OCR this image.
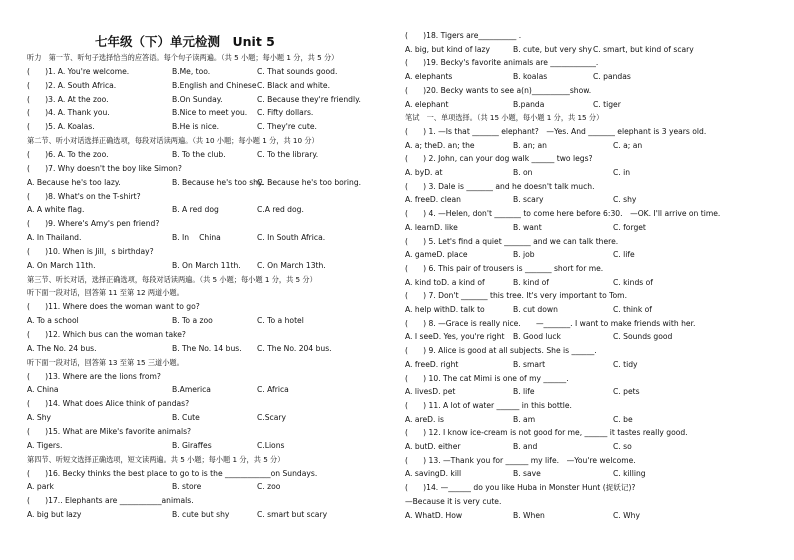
七年级（下）单元检测　Unit 5
听力　第一节、听句子选择恰当的应答语。每个句子读两遍。（共 5 小题；每小题 1 分，共 5 分）
(　　)1. A. You're welcome.	B.Me, too.	C. That sounds good.
(　　)2. A. South Africa.	B.English and Chinese C. Black and white.
(　　)3. A. At the zoo.	B.On Sunday.	C. Because they're friendly.
(　　)4. A. Thank you.	B.Nice to meet you. C. Fifty dollars.
(　　)5. A. Koalas.	B.He is nice.	C. They're cute.
第二节、听小对话选择正确选项，每段对话读两遍。（共 10 小题；每小题 1 分，共 10 分）
(　　)6. A. To the zoo.	B. To the club.	C. To the library.
(　　)7. Why doesn't the boy like Simon?
A. Because he's too lazy.	B. Because he's too shy.
C. Because he's too boring.
(　　)8. What's on the T-shirt?
A. A white flag.	B. A red dog	C.A red dog.
(　　)9. Where's Amy's pen friend?
A. In Thailand.	B. In　 China	C. In South Africa.
(　　)10. When is Jill，s birthday?
A. On March 11th.	B. On March 11th. C. On March 13th.
第三节、听长对话，选择正确选项，每段对话读两遍。（共 5 小题；每小题 1 分，共 5 分）
听下面一段对话，回答第 11 至第 12 两道小题。
(　　)11. Where does the woman want to go?
A. To a school	B. To a zoo	C. To a hotel
(　　)12. Which bus can the woman take?
A. The No. 24 bus.	B. The No. 14 bus. C. The No. 204 bus.
听下面一段对话，回答第 13 至第 15 三道小题。
(　　)13. Where are the lions from?
A. China	B.America	C. Africa
(　　)14. What does Alice think of pandas?
A. Shy	B. Cute	C.Scary
(　　)15. What are Mike's favorite animals?
A. Tigers.	B. Giraffes	C.Lions
第四节、听短文选择正确选项，短文读两遍。共 5 小题；每小题 1 分，共 5 分）
(　　)16. Becky thinks the best place to go to is the ____________on Sundays.
A. park	B. store	C. zoo
(　　)17.. Elephants are ___________animals.
A. big but lazy	B. cute but shy	C. smart but scary
(　　)18. Tigers are__________ .
A. big, but kind of lazy	B. cute, but very shy C. smart, but kind of scary
(　　)19. Becky's favorite animals are ____________.
A. elephants	B. koalas	C. pandas
(　　)20. Becky wants to see a(n)__________show.
A. elephant	B.panda	C. tiger
笔试　一、单项选择。（共 15 小题，每小题 1 分，共 15 分）
(　　) 1. —Is that _______ elephant?　—Yes. And _______ elephant is 3 years old.
A. a; the	B. an; an	C. a; an
D. an; the
(　　) 2. John, can your dog walk ______ two legs?
A. by	B. on	C. in
D. at
(　　) 3. Dale is _______ and he doesn't talk much.
A. free	B. scary	C. shy
D. clean
(　　) 4. —Helen, don't _______ to come here before 6:30.　—OK. I'll arrive on time.
A. learn	B. want	C. forget
D. like
(　　) 5. Let's find a quiet _______ and we can talk there.
A. game	B. job	C. life
D. place
(　　) 6. This pair of trousers is _______ short for me.
A. kind to	B. kind of	C. kinds of
D. a kind of
(　　) 7. Don't _______ this tree. It's very important to Tom.
A. help with	B. cut down	C. think of
D. talk to
(　　) 8. —Grace is really nice.　　—_______. I want to make friends with her.
A. I see	B. Good luck	C. Sounds good
D. Yes, you're right
(　　) 9. Alice is good at all subjects. She is ______.
A. free	B. smart	C. tidy
D. right
(　　) 10. The cat Mimi is one of my ______.
A. lives	B. life	C. pets
D. pet
(　　) 11. A lot of water ______ in this bottle.
A. are	B. am	C. be
D. is
(　　) 12. I know ice-cream is not good for me, ______ it tastes really good.
A. but	B. and	C. so
D. either
(　　) 13. —Thank you for ______ my life.　—You're welcome.
A. saving	B. save	C. killing
D. kill
(　　)14. —______ do you like Huba in Monster Hunt (捉妖记)?
—Because it is very cute.
A. What	B. When	C. Why
D. How
